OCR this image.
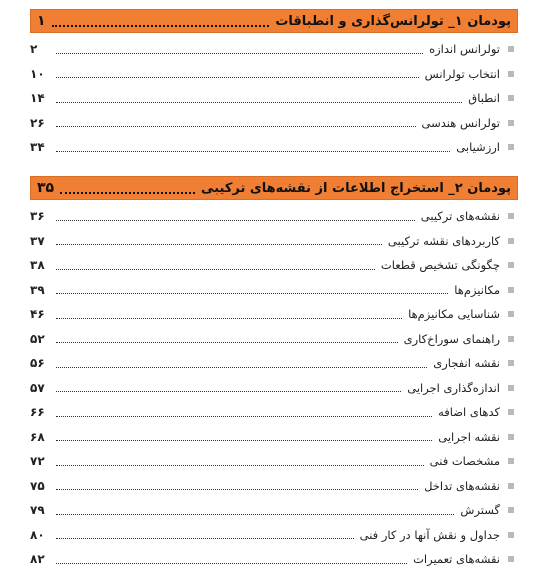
پودمان ۱_ تولرانس‌گذاری و انطباقات
۱
تولرانس اندازه
۲
انتخاب تولرانس
۱۰
انطباق
۱۴
تولرانس هندسی
۲۶
ارزشیابی
۳۴
پودمان ۲_ استخراج اطلاعات از نقشه‌های ترکیبی
۳۵
نقشه‌های ترکیبی
۳۶
کاربردهای نقشه ترکیبی
۳۷
چگونگی تشخیص قطعات
۳۸
مکانیزم‌ها
۳۹
شناسایی مکانیزم‌ها
۴۶
راهنمای سوراخ‌کاری
۵۲
نقشه انفجاری
۵۶
اندازه‌گذاری اجرایی
۵۷
کدهای اضافه
۶۶
نقشه اجرایی
۶۸
مشخصات فنی
۷۲
نقشه‌های تداخل
۷۵
گسترش
۷۹
جداول و نقش آنها در کار فنی
۸۰
نقشه‌های تعمیرات
۸۲
